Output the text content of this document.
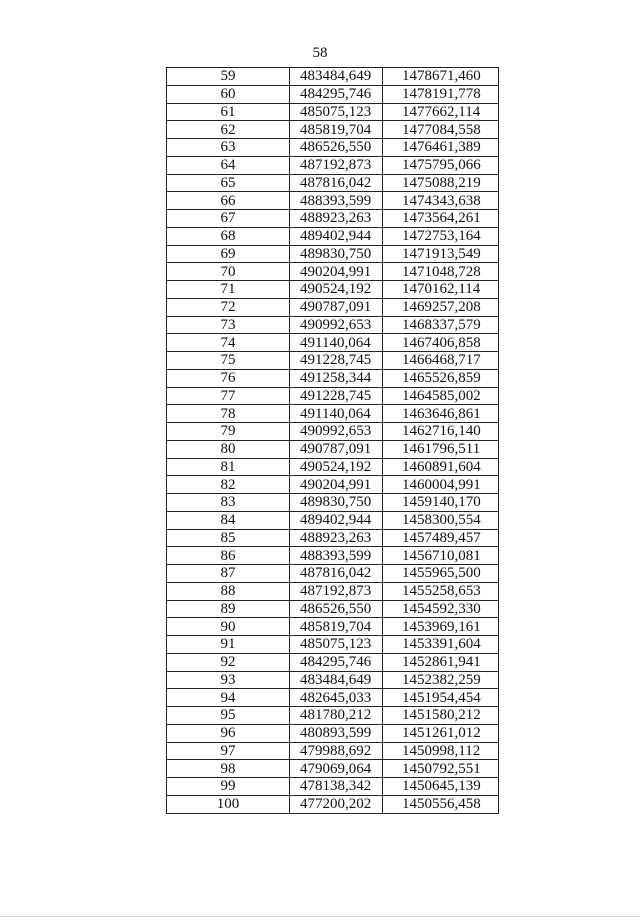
58
59	483484,649	1478671,460
60	484295,746	1478191,778
61	485075,123	1477662,114
62	485819,704	1477084,558
63	486526,550	1476461,389
64	487192,873	1475795,066
65	487816,042	1475088,219
66	488393,599	1474343,638
67	488923,263	1473564,261
68	489402,944	1472753,164
69	489830,750	1471913,549
70	490204,991	1471048,728
71	490524,192	1470162,114
72	490787,091	1469257,208
73	490992,653	1468337,579
74	491140,064	1467406,858
75	491228,745	1466468,717
76	491258,344	1465526,859
77	491228,745	1464585,002
78	491140,064	1463646,861
79	490992,653	1462716,140
80	490787,091	1461796,511
81	490524,192	1460891,604
82	490204,991	1460004,991
83	489830,750	1459140,170
84	489402,944	1458300,554
85	488923,263	1457489,457
86	488393,599	1456710,081
87	487816,042	1455965,500
88	487192,873	1455258,653
89	486526,550	1454592,330
90	485819,704	1453969,161
91	485075,123	1453391,604
92	484295,746	1452861,941
93	483484,649	1452382,259
94	482645,033	1451954,454
95	481780,212	1451580,212
96	480893,599	1451261,012
97	479988,692	1450998,112
98	479069,064	1450792,551
99	478138,342	1450645,139
100	477200,202	1450556,458
